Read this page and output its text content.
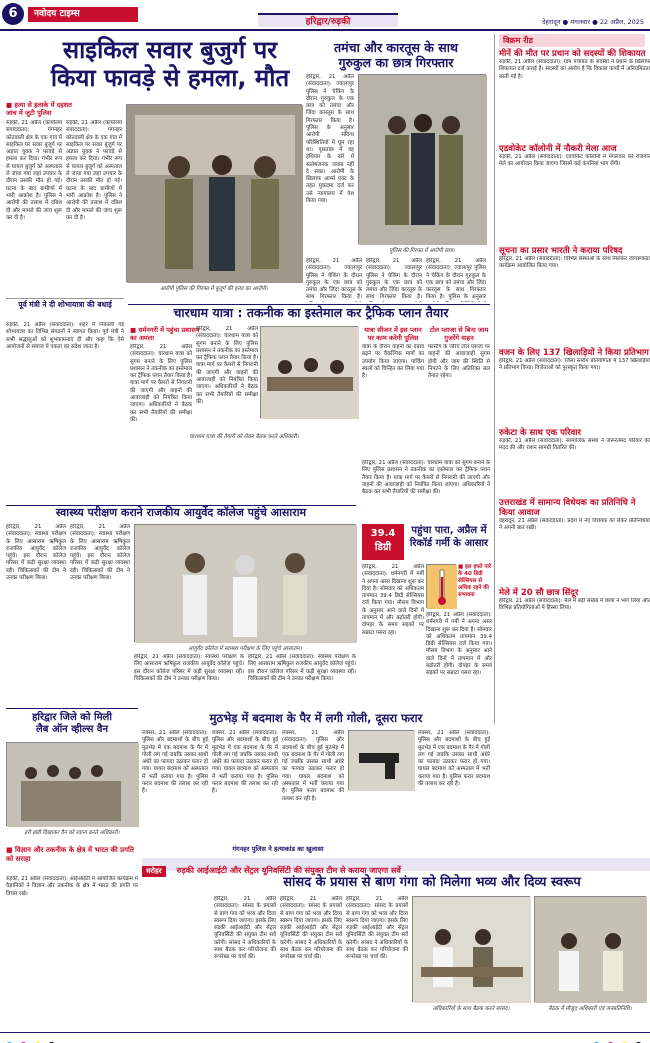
6	नवोदय टाइम्स
हरिद्वार/रुड़की	देहरादून ● मंगलवार ● 22 अप्रैल, 2025
साइकिल सवार बुजुर्ग पर
किया फावड़े से हमला, मौत
■ हत्या से इलाके में दहशत
जांच में जुटी पुलिस
रुड़की, 21 अप्रैल (कार्यालय संवाददाता): गंगनहर कोतवाली क्षेत्र के एक गांव में साइकिल पर सवार बुजुर्ग पर अज्ञात युवक ने फावड़े से हमला कर दिया। गंभीर रूप से घायल बुजुर्ग को अस्पताल ले जाया गया जहां उपचार के दौरान उसकी मौत हो गई। घटना के बाद ग्रामीणों में भारी आक्रोश है। पुलिस ने आरोपी की तलाश में दबिश दी और मामले की जांच शुरू कर दी है।
रुड़की, 21 अप्रैल (कार्यालय संवाददाता): गंगनहर कोतवाली क्षेत्र के एक गांव में साइकिल पर सवार बुजुर्ग पर अज्ञात युवक ने फावड़े से हमला कर दिया। गंभीर रूप से घायल बुजुर्ग को अस्पताल ले जाया गया जहां उपचार के दौरान उसकी मौत हो गई। घटना के बाद ग्रामीणों में भारी आक्रोश है। पुलिस ने आरोपी की तलाश में दबिश दी और मामले की जांच शुरू कर दी है।
आरोपी पुलिस की गिरफ्त में बुजुर्ग की हत्या का आरोपी।
पूर्व मंत्री ने दी शोभायात्रा की बधाई
रुड़की, 21 अप्रैल (संवाददाता): शहर में निकाली गई शोभायात्रा का विभिन्न संगठनों ने स्वागत किया। पूर्व मंत्री ने सभी श्रद्धालुओं को शुभकामनाएं दीं और कहा कि ऐसे आयोजनों से समाज में एकता का संदेश जाता है।
तमंचा और कारतूस के साथ
गुरुकुल का छात्र गिरफ्तार
हरिद्वार, 21 अप्रैल (संवाददाता): ज्वालापुर पुलिस ने चेकिंग के दौरान गुरुकुल के एक छात्र को तमंचा और जिंदा कारतूस के साथ गिरफ्तार किया है। पुलिस के अनुसार आरोपी संदिग्ध परिस्थितियों में घूम रहा था। पूछताछ में वह हथियार के बारे में संतोषजनक जवाब नहीं दे सका। आरोपी के खिलाफ आर्म्स एक्ट के तहत मुकदमा दर्ज कर उसे न्यायालय में पेश किया गया।
पुलिस की गिरफ्त में आरोपी छात्र।
हरिद्वार, 21 अप्रैल (संवाददाता): ज्वालापुर पुलिस ने चेकिंग के दौरान गुरुकुल के एक छात्र को तमंचा और जिंदा कारतूस के साथ गिरफ्तार किया है।
हरिद्वार, 21 अप्रैल (संवाददाता): ज्वालापुर पुलिस ने चेकिंग के दौरान गुरुकुल के एक छात्र को तमंचा और जिंदा कारतूस के साथ गिरफ्तार किया है।
हरिद्वार, 21 अप्रैल (संवाददाता): ज्वालापुर पुलिस ने चेकिंग के दौरान गुरुकुल के एक छात्र को तमंचा और जिंदा कारतूस के साथ गिरफ्तार किया है। पुलिस के अनुसार
विक्रम रीड
मीनें की मौत पर प्रधान को सदस्यों की शिकायत
रुड़की, 21 अप्रैल (संवाददाता): ग्राम पंचायत के सदस्यों ने प्रधान के खिलाफ शिकायत दर्ज कराई है। सदस्यों का आरोप है कि विकास कार्यों में अनियमितता बरती गई है।
एडवोकेट कॉलोनी में नौकरी मेला आज
रुड़की, 21 अप्रैल (संवाददाता): एडवोकेट कॉलोनी में मंगलवार को रोजगार मेले का आयोजन किया जाएगा जिसमें कई कंपनियां भाग लेंगी।
सूचना का प्रसार भारती ने कराया परिषद
हरिद्वार, 21 अप्रैल (संवाददाता): विभिन्न संस्थाओं के साथ मिलकर जागरूकता कार्यक्रम आयोजित किया गया।
वजन के लिए 137 खिलाड़ियों ने किया प्रतिभाग
हरिद्वार, 21 अप्रैल (संवाददाता): जिला स्तरीय प्रतियोगिता में 137 खिलाड़ियों ने प्रतिभाग किया। विजेताओं को पुरस्कृत किया गया।
रुकेटा के साथ एक परिवार
रुड़की, 21 अप्रैल (संवाददाता): सामाजिक संस्था ने जरूरतमंद परिवार की मदद की और राशन सामग्री वितरित की।
उत्तराखंड में सामान्य विधेयक का प्रतिनिधि ने किया आवाज
देहरादून, 21 अप्रैल (संवाददाता): प्रदेश में नए विधेयक को लेकर प्रतिनिधियों ने अपनी बात रखी।
मेले में 20 सौ छात्र सिंदूर
हरिद्वार, 21 अप्रैल (संवाददाता): मेले में बड़ी संख्या में छात्रों ने भाग लिया और विभिन्न प्रतियोगिताओं में हिस्सा लिया।
चारधाम यात्रा : तकनीक का इस्तेमाल कर ट्रैफिक प्लान तैयार
■ धर्मनगरी में पहुंचा प्रशासन का अमला
हरिद्वार, 21 अप्रैल (संवाददाता): चारधाम यात्रा को सुगम बनाने के लिए पुलिस प्रशासन ने तकनीक का इस्तेमाल कर ट्रैफिक प्लान तैयार किया है। यात्रा मार्ग पर कैमरों से निगरानी की जाएगी और वाहनों की आवाजाही को नियंत्रित किया जाएगा। अधिकारियों ने बैठक कर सभी तैयारियों की समीक्षा की।
हरिद्वार, 21 अप्रैल (संवाददाता): चारधाम यात्रा को सुगम बनाने के लिए पुलिस प्रशासन ने तकनीक का इस्तेमाल कर ट्रैफिक प्लान तैयार किया है। यात्रा मार्ग पर कैमरों से निगरानी की जाएगी और वाहनों की आवाजाही को नियंत्रित किया जाएगा। अधिकारियों ने बैठक कर सभी तैयारियों की समीक्षा की।
चारधाम यात्रा की तैयारी को लेकर बैठक करते अधिकारी।
यात्रा सीजन में इस प्लान पर काम करेगी पुलिस
यात्रा के दौरान वाहनों का दबाव बढ़ने पर वैकल्पिक मार्गों का उपयोग किया जाएगा। पार्किंग स्थलों को चिन्हित कर लिया गया है।
टोल प्लाजा से बिना जाम गुजरेंगे वाहन
फास्टैग के जरिए टोल प्लाजा पर वाहनों की आवाजाही सुगम होगी और जाम की स्थिति से निपटने के लिए अतिरिक्त बल तैनात रहेगा।
हरिद्वार, 21 अप्रैल (संवाददाता): चारधाम यात्रा को सुगम बनाने के लिए पुलिस प्रशासन ने तकनीक का इस्तेमाल कर ट्रैफिक प्लान तैयार किया है। यात्रा मार्ग पर कैमरों से निगरानी की जाएगी और वाहनों की आवाजाही को नियंत्रित किया जाएगा। अधिकारियों ने बैठक कर सभी तैयारियों की समीक्षा की।
स्वास्थ्य परीक्षण कराने राजकीय आयुर्वेद कॉलेज पहुंचे आसाराम
हरिद्वार, 21 अप्रैल (संवाददाता): स्वास्थ्य परीक्षण के लिए आसाराम ऋषिकुल राजकीय आयुर्वेद कॉलेज पहुंचे। इस दौरान कॉलेज परिसर में कड़ी सुरक्षा व्यवस्था रही। चिकित्सकों की टीम ने उनका परीक्षण किया।
हरिद्वार, 21 अप्रैल (संवाददाता): स्वास्थ्य परीक्षण के लिए आसाराम ऋषिकुल राजकीय आयुर्वेद कॉलेज पहुंचे। इस दौरान कॉलेज परिसर में कड़ी सुरक्षा व्यवस्था रही। चिकित्सकों की टीम ने उनका परीक्षण किया।
आयुर्वेद कॉलेज में स्वास्थ्य परीक्षण के लिए पहुंचे आसाराम।
हरिद्वार, 21 अप्रैल (संवाददाता): स्वास्थ्य परीक्षण के लिए आसाराम ऋषिकुल राजकीय आयुर्वेद कॉलेज पहुंचे। इस दौरान कॉलेज परिसर में कड़ी सुरक्षा व्यवस्था रही। चिकित्सकों की टीम ने उनका परीक्षण किया।
हरिद्वार, 21 अप्रैल (संवाददाता): स्वास्थ्य परीक्षण के लिए आसाराम ऋषिकुल राजकीय आयुर्वेद कॉलेज पहुंचे। इस दौरान कॉलेज परिसर में कड़ी सुरक्षा व्यवस्था रही। चिकित्सकों की टीम ने उनका परीक्षण किया।
39.4
डिग्री
पहुंचा पारा, अप्रैल में
रिकॉर्ड गर्मी के आसार
हरिद्वार, 21 अप्रैल (संवाददाता): धर्मनगरी में गर्मी ने अपना असर दिखाना शुरू कर दिया है। सोमवार को अधिकतम तापमान 39.4 डिग्री सेल्सियस दर्ज किया गया। मौसम विभाग के अनुसार आने वाले दिनों में तापमान में और बढ़ोतरी होगी। दोपहर के समय सड़कों पर सन्नाटा पसरा रहा।
■ इस हफ्ते पारे के 40 डिग्री सेल्सियस से अधिक रहने की संभावना
हरिद्वार, 21 अप्रैल (संवाददाता): धर्मनगरी में गर्मी ने अपना असर दिखाना शुरू कर दिया है। सोमवार को अधिकतम तापमान 39.4 डिग्री सेल्सियस दर्ज किया गया। मौसम विभाग के अनुसार आने वाले दिनों में तापमान में और बढ़ोतरी होगी। दोपहर के समय सड़कों पर सन्नाटा पसरा रहा।
हरिद्वार जिले को मिली
लैब ऑन व्हील्स वैन
हरी झंडी दिखाकर वैन को रवाना करते अधिकारी।
मुठभेड़ में बदमाश के पैर में लगी गोली, दूसरा फरार
लक्सर, 21 अप्रैल (संवाददाता): पुलिस और बदमाशों के बीच हुई मुठभेड़ में एक बदमाश के पैर में गोली लग गई जबकि उसका साथी अंधेरे का फायदा उठाकर फरार हो गया। घायल बदमाश को अस्पताल में भर्ती कराया गया है। पुलिस फरार बदमाश की तलाश कर रही है।
लक्सर, 21 अप्रैल (संवाददाता): पुलिस और बदमाशों के बीच हुई मुठभेड़ में एक बदमाश के पैर में गोली लग गई जबकि उसका साथी अंधेरे का फायदा उठाकर फरार हो गया। घायल बदमाश को अस्पताल में भर्ती कराया गया है। पुलिस फरार बदमाश की तलाश कर रही है।
लक्सर, 21 अप्रैल (संवाददाता): पुलिस और बदमाशों के बीच हुई मुठभेड़ में एक बदमाश के पैर में गोली लग गई जबकि उसका साथी अंधेरे का फायदा उठाकर फरार हो गया। घायल बदमाश को अस्पताल में भर्ती कराया गया है। पुलिस फरार बदमाश की तलाश कर रही है।
लक्सर, 21 अप्रैल (संवाददाता): पुलिस और बदमाशों के बीच हुई मुठभेड़ में एक बदमाश के पैर में गोली लग गई जबकि उसका साथी अंधेरे का फायदा उठाकर फरार हो गया। घायल बदमाश को अस्पताल में भर्ती कराया गया है। पुलिस फरार बदमाश की तलाश कर रही है।
गंगनहर पुलिस ने हत्याकांड का खुलासा
■ विज्ञान और तकनीक के क्षेत्र में भारत की प्रगति को सराहा
रुड़की, 21 अप्रैल (संवाददाता): आईआईटी में आयोजित कार्यक्रम में वैज्ञानिकों ने विज्ञान और तकनीक के क्षेत्र में भारत की प्रगति पर विचार रखे।
धरोहर रुड़की आईआईटी और सेंट्रल यूनिवर्सिटी की संयुक्त टीम से कराया जाएगा सर्वे
सांसद के प्रयास से बाण गंगा को मिलेगा भव्य और दिव्य स्वरूप
हरिद्वार, 21 अप्रैल (संवाददाता): सांसद के प्रयासों से बाण गंगा को भव्य और दिव्य स्वरूप दिया जाएगा। इसके लिए रुड़की आईआईटी और सेंट्रल यूनिवर्सिटी की संयुक्त टीम सर्वे करेगी। सांसद ने अधिकारियों के साथ बैठक कर परियोजना की रूपरेखा पर चर्चा की।
हरिद्वार, 21 अप्रैल (संवाददाता): सांसद के प्रयासों से बाण गंगा को भव्य और दिव्य स्वरूप दिया जाएगा। इसके लिए रुड़की आईआईटी और सेंट्रल यूनिवर्सिटी की संयुक्त टीम सर्वे करेगी। सांसद ने अधिकारियों के साथ बैठक कर परियोजना की रूपरेखा पर चर्चा की।
हरिद्वार, 21 अप्रैल (संवाददाता): सांसद के प्रयासों से बाण गंगा को भव्य और दिव्य स्वरूप दिया जाएगा। इसके लिए रुड़की आईआईटी और सेंट्रल यूनिवर्सिटी की संयुक्त टीम सर्वे करेगी। सांसद ने अधिकारियों के साथ बैठक कर परियोजना की रूपरेखा पर चर्चा की।
अधिकारियों के साथ बैठक करते सांसद।	बैठक में मौजूद अधिकारी एवं जनप्रतिनिधि।
